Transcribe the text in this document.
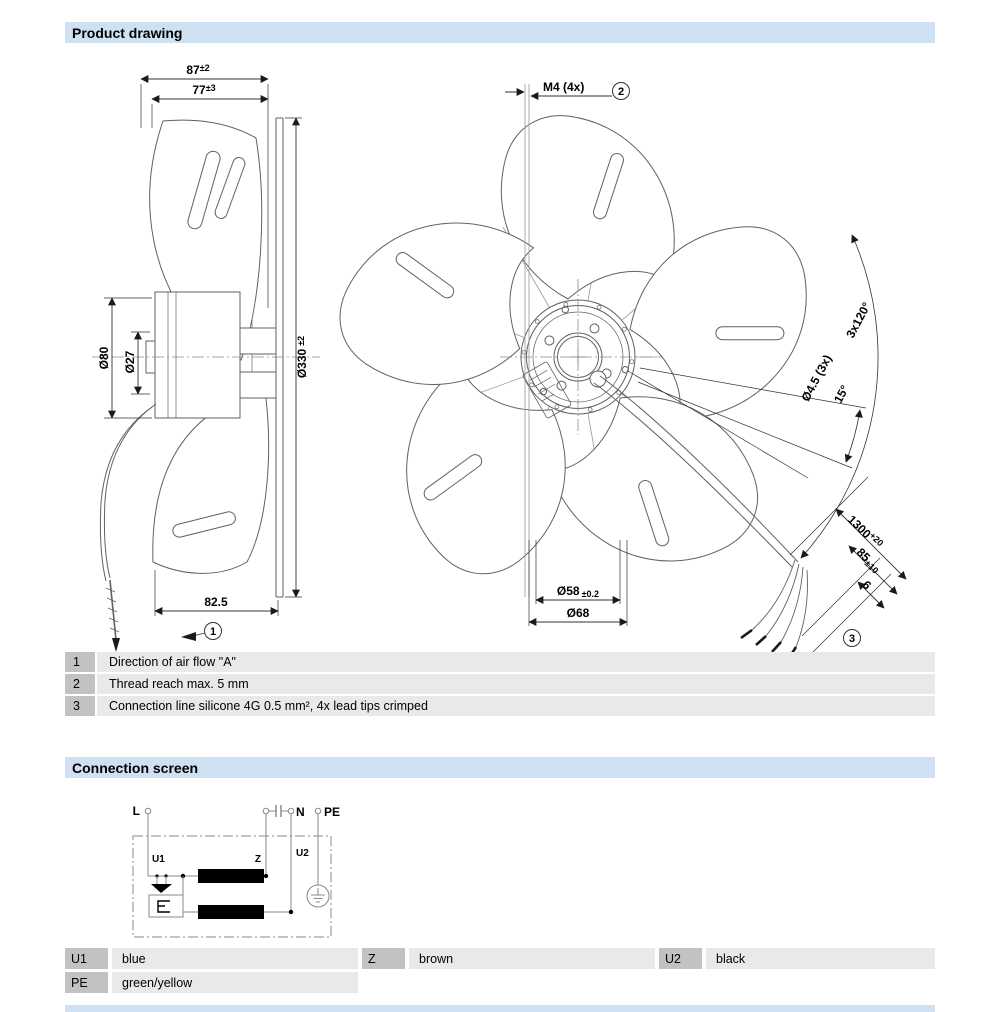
Product drawing
$87^{\pm 2}$
$77^{\pm 3}$	M4 (4x)
Ø80 Ø27	Ø330±2
82.5
Ø58 ±0.2
Ø68
3x120°
Ø4.5 (3x)
15°
$1300^{+20}$
85±10
6
1
2
3
1	Direction of air flow "A"
2	Thread reach max. 5 mm
3	Connection line silicone 4G 0.5 mm², 4x lead tips crimped
Connection screen
L	N PE
U1	Z
U2
U1	blue	Z	brown	U2	black
PE	green/yellow
